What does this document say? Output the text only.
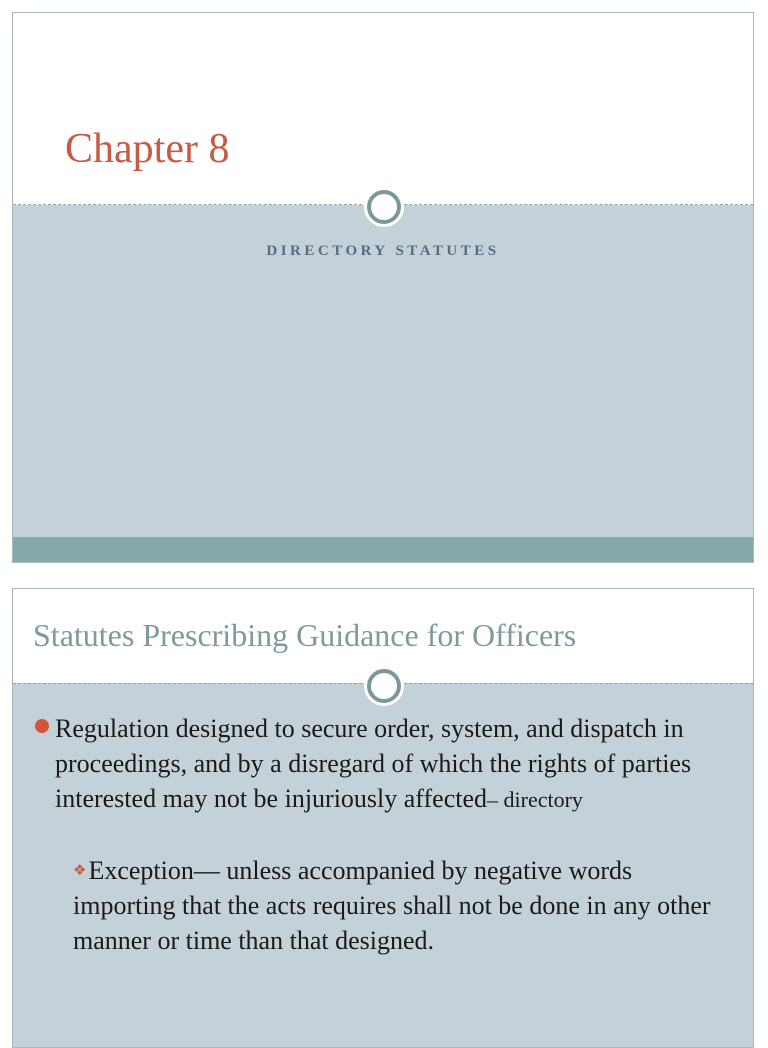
Chapter 8
DIRECTORY STATUTES
Statutes Prescribing Guidance for Officers
Regulation designed to secure order, system, and dispatch in proceedings, and by a disregard of which the rights of parties interested may not be injuriously affected– directory
❖Exception— unless accompanied by negative words importing that the acts requires shall not be done in any other manner or time than that designed.
